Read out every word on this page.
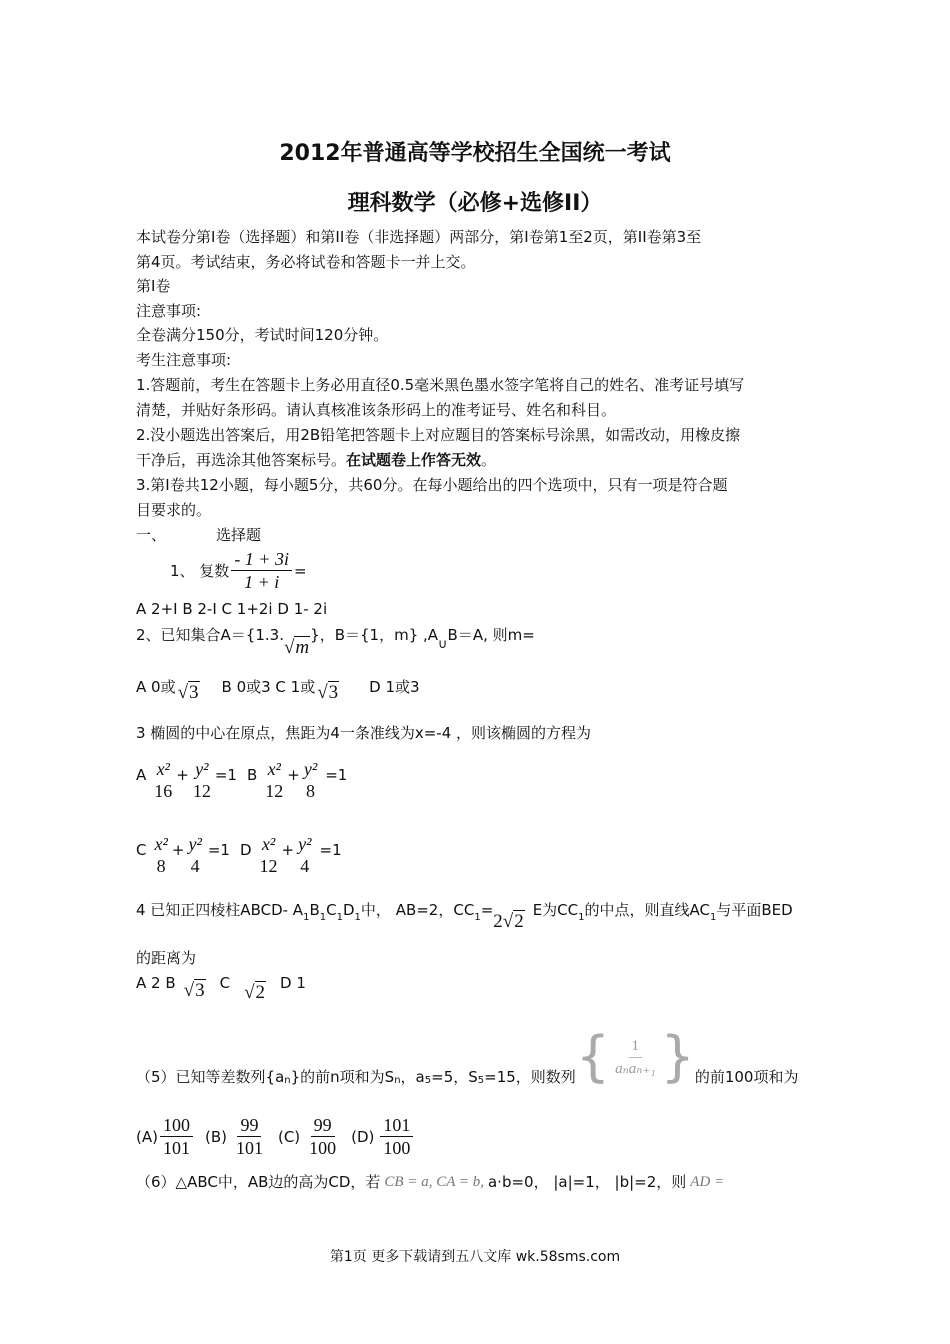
2012年普通高等学校招生全国统一考试
理科数学（必修+选修II）
本试卷分第I卷（选择题）和第II卷（非选择题）两部分，第I卷第1至2页，第II卷第3至
第4页。考试结束，务必将试卷和答题卡一并上交。
第I卷
注意事项:
全卷满分150分，考试时间120分钟。
考生注意事项:
1.答题前，考生在答题卡上务必用直径0.5毫米黑色墨水签字笔将自己的姓名、准考证号填写
清楚，并贴好条形码。请认真核准该条形码上的准考证号、姓名和科目。
2.没小题选出答案后，用2B铅笔把答题卡上对应题目的答案标号涂黑，如需改动，用橡皮擦
干净后，再选涂其他答案标号。在试题卷上作答无效。
3.第I卷共12小题，每小题5分，共60分。在每小题给出的四个选项中，只有一项是符合题
目要求的。
一、	选择题
1、 复数 $\frac{- 1 + 3i}{1 + i}$ =
A 2+I B 2-I C 1+2i D 1- 2i
2、已知集合A＝{1.3.
√m
}，B＝{1，m} ,A
∪
B＝A, 则m=
A 0或 √3 B 0或3 C 1或 √3 D 1或3
3 椭圆的中心在原点，焦距为4一条准线为x=-4 ，则该椭圆的方程为
A x²
16
+ y²
12
=1 B x²
12
+ y²
8
=1
C x²
8
+ y²
4
=1 D x²
12
+ y²
4
=1
4 已知正四棱柱ABCD- $A_1$ $B_1$ $C_1$ $D_1$ 中， AB=2，$CC_1$ =
2√2
E为$CC_1$ 的中点，则直线$AC_1$ 与平面BED
的距离为
A 2 B √3 C √2 D 1
（5）已知等差数列{$a_n$ }的前n项和为$S_n$ ，$a_5 =5$，$S_5 =15$，则数列 { $\frac{1}{\text{aₙaₙ₊₁}}$ } 的前100项和为
$(A) \frac{100}{101} (B) \frac{99}{101} (C) \frac{99}{100} (D) \frac{101}{100}$
（6）△ABC中，AB边的高为CD，若 CB = a, CA = b, a·b=0， |a|=1， |b|=2，则 AD =
第1页 更多下载请到五八文库 wk.58sms.com
